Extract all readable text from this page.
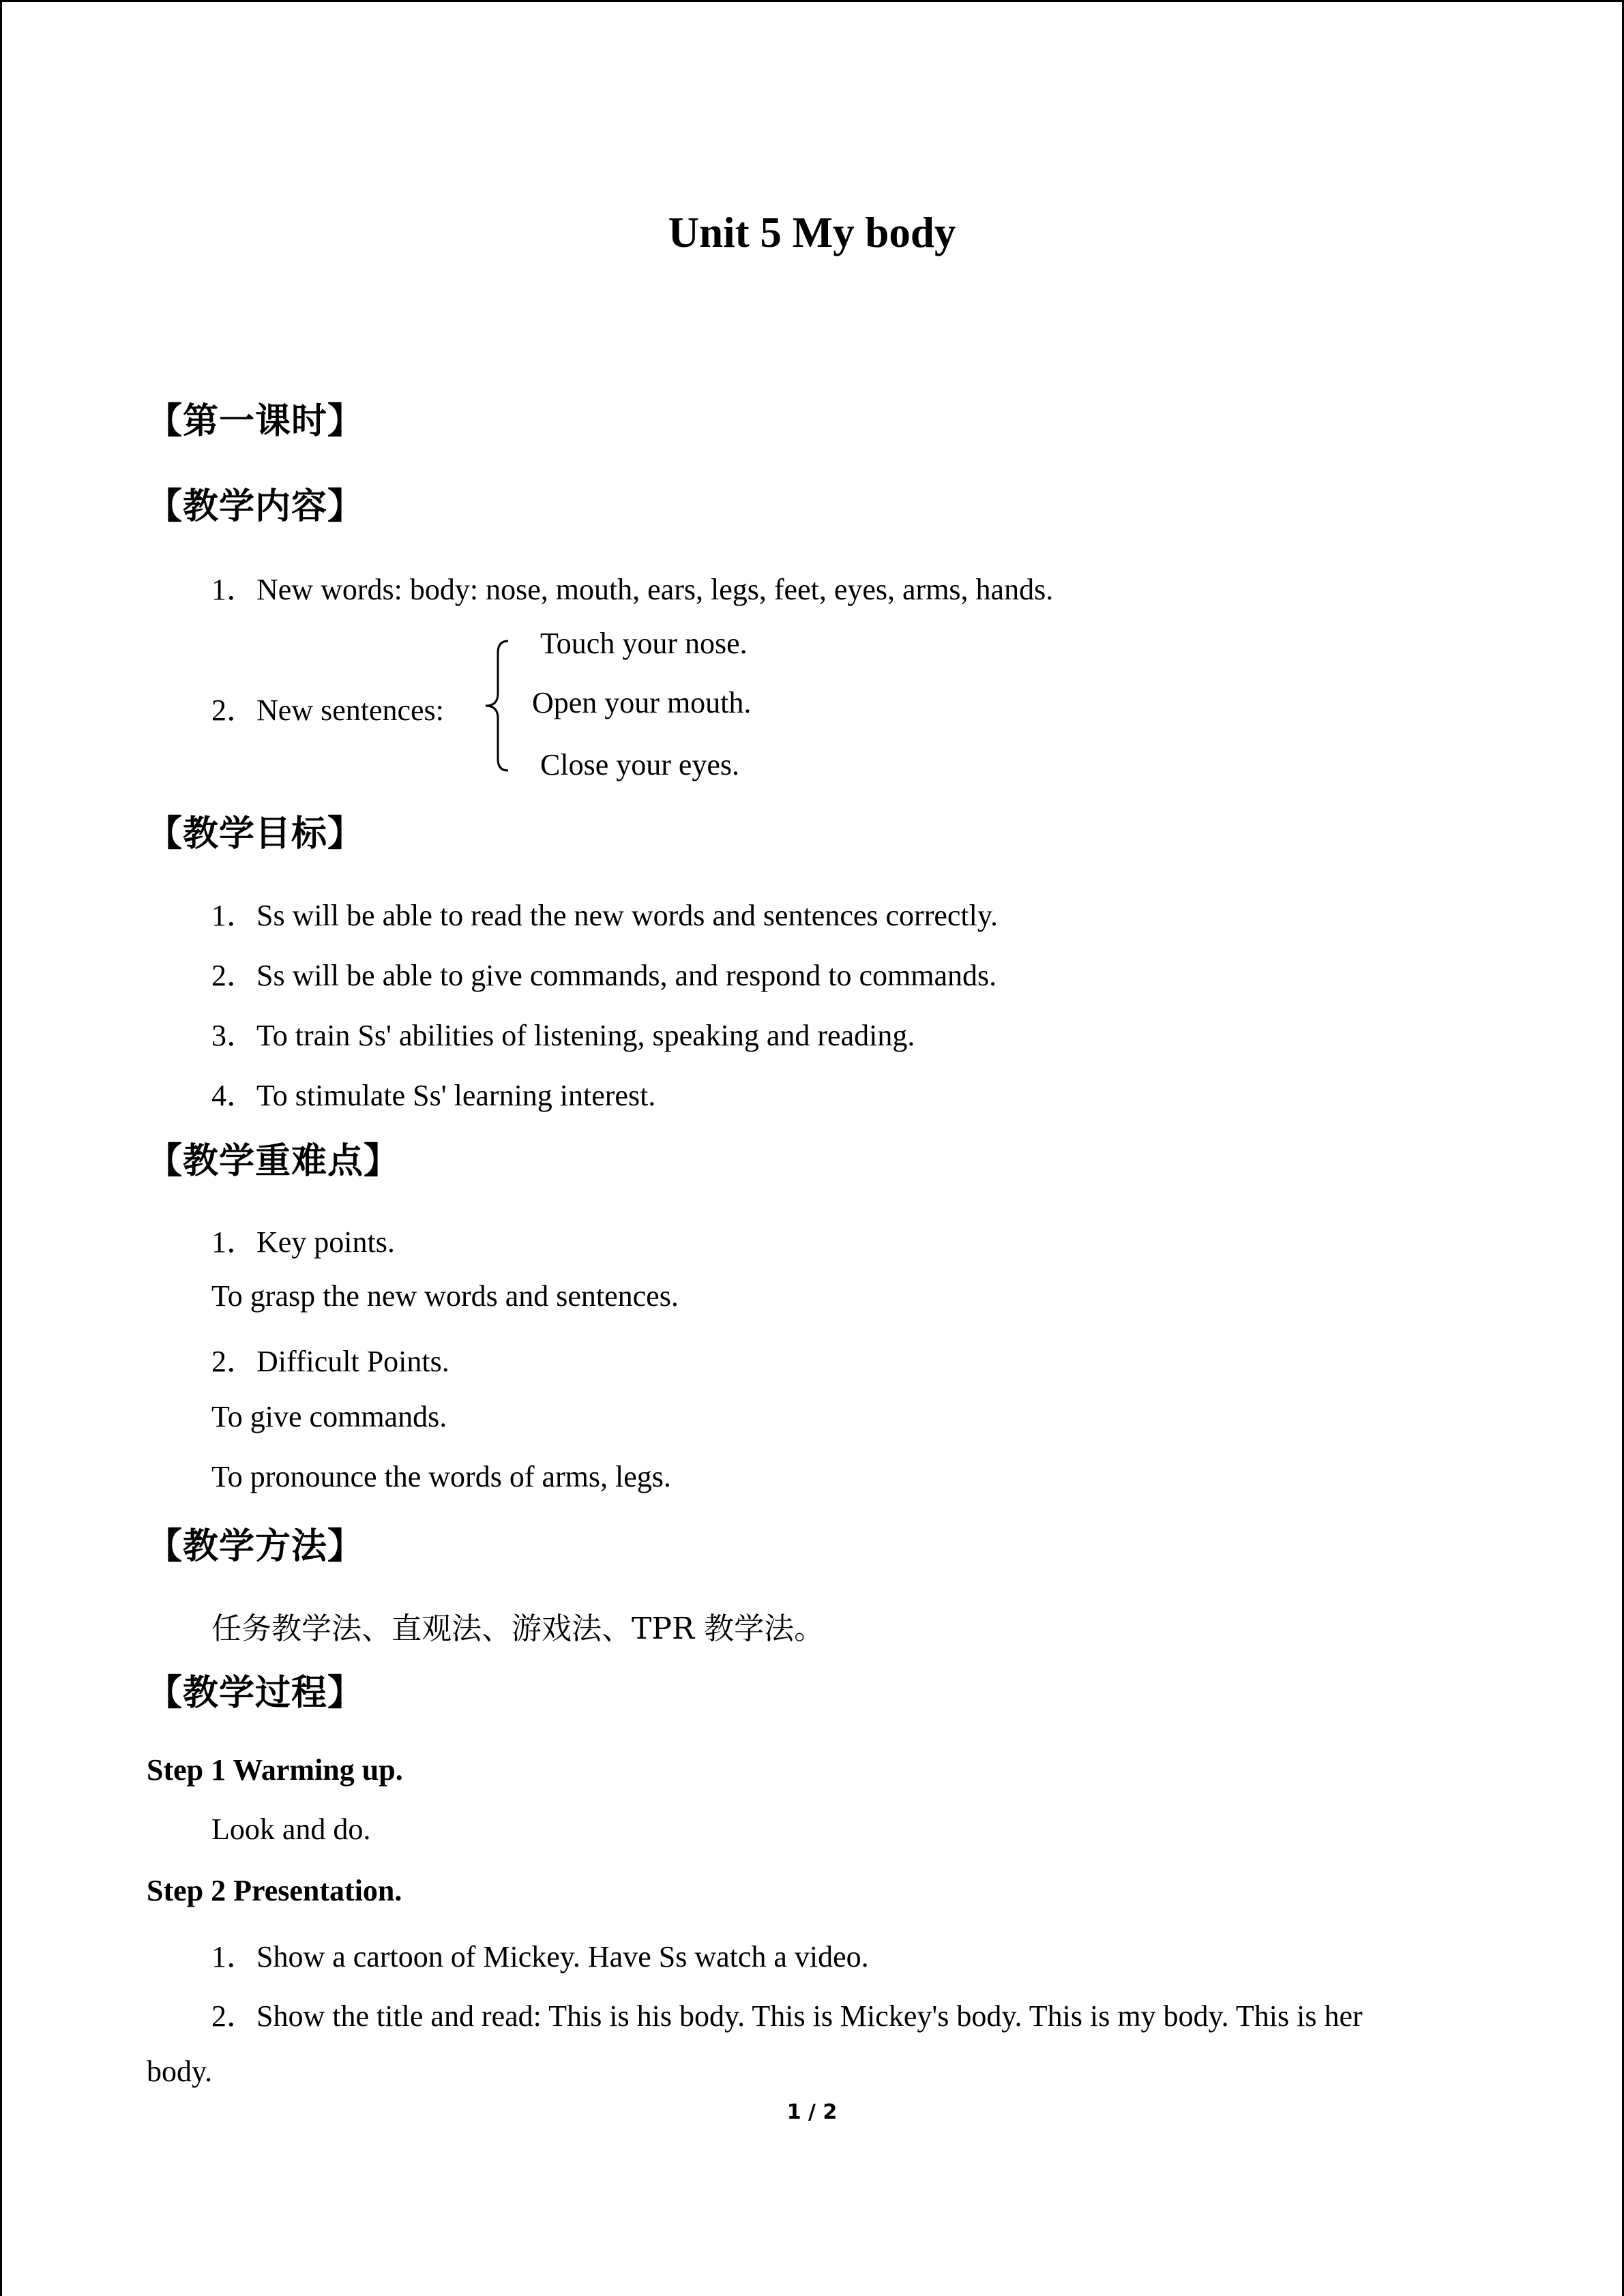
Unit 5 My body
【第一课时】
【教学内容】
1．New words: body: nose, mouth, ears, legs, feet, eyes, arms, hands.
2．New sentences:
Touch your nose.
Open your mouth.
Close your eyes.
【教学目标】
1．Ss will be able to read the new words and sentences correctly.
2．Ss will be able to give commands, and respond to commands.
3．To train Ss' abilities of listening, speaking and reading.
4．To stimulate Ss' learning interest.
【教学重难点】
1．Key points.
To grasp the new words and sentences.
2．Difficult Points.
To give commands.
To pronounce the words of arms, legs.
【教学方法】
任务教学法、直观法、游戏法、TPR 教学法。
【教学过程】
Step 1 Warming up.
Look and do.
Step 2 Presentation.
1．Show a cartoon of Mickey. Have Ss watch a video.
2．Show the title and read: This is his body. This is Mickey's body. This is my body. This is her
body.
1 / 2
